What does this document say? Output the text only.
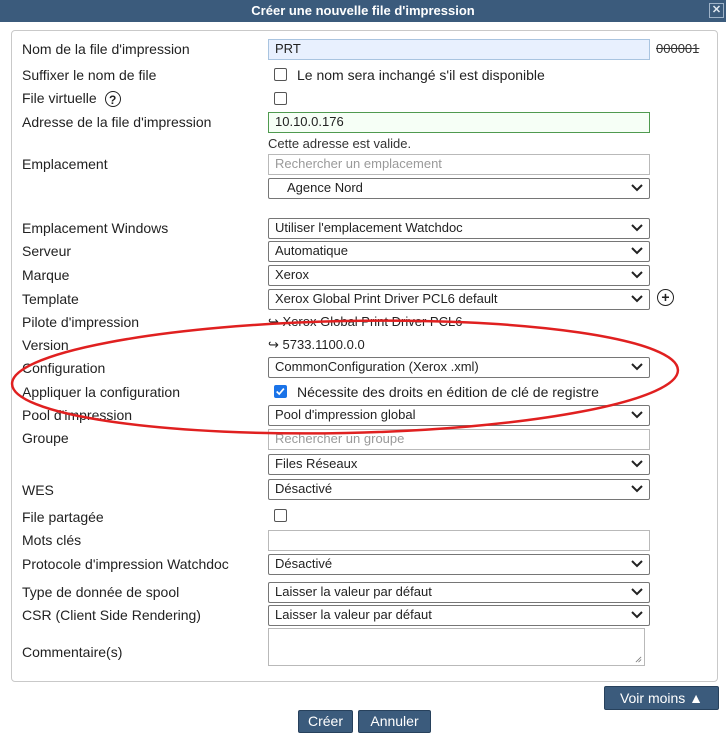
Créer une nouvelle file d'impression	✕
Nom de la file d'impression	PRT	000001
Suffixer le nom de file	Le nom sera inchangé s'il est disponible
File virtuelle ?
Adresse de la file d'impression	10.10.0.176
Cette adresse est valide.
Emplacement	Rechercher un emplacement
Agence Nord
Emplacement Windows	Utiliser l'emplacement Watchdoc
Serveur	Automatique
Marque	Xerox
Template	Xerox Global Print Driver PCL6 default	+
Pilote d'impression	↪ Xerox Global Print Driver PCL6
Version	↪ 5733.1100.0.0
Configuration	CommonConfiguration (Xerox .xml)
Appliquer la configuration	Nécessite des droits en édition de clé de registre
Pool d'impression	Pool d'impression global
Groupe	Rechercher un groupe
Files Réseaux
WES	Désactivé
File partagée
Mots clés
Protocole d'impression Watchdoc	Désactivé
Type de donnée de spool	Laisser la valeur par défaut
CSR (Client Side Rendering)	Laisser la valeur par défaut
Commentaire(s)
Voir moins ▲
Créer	Annuler
